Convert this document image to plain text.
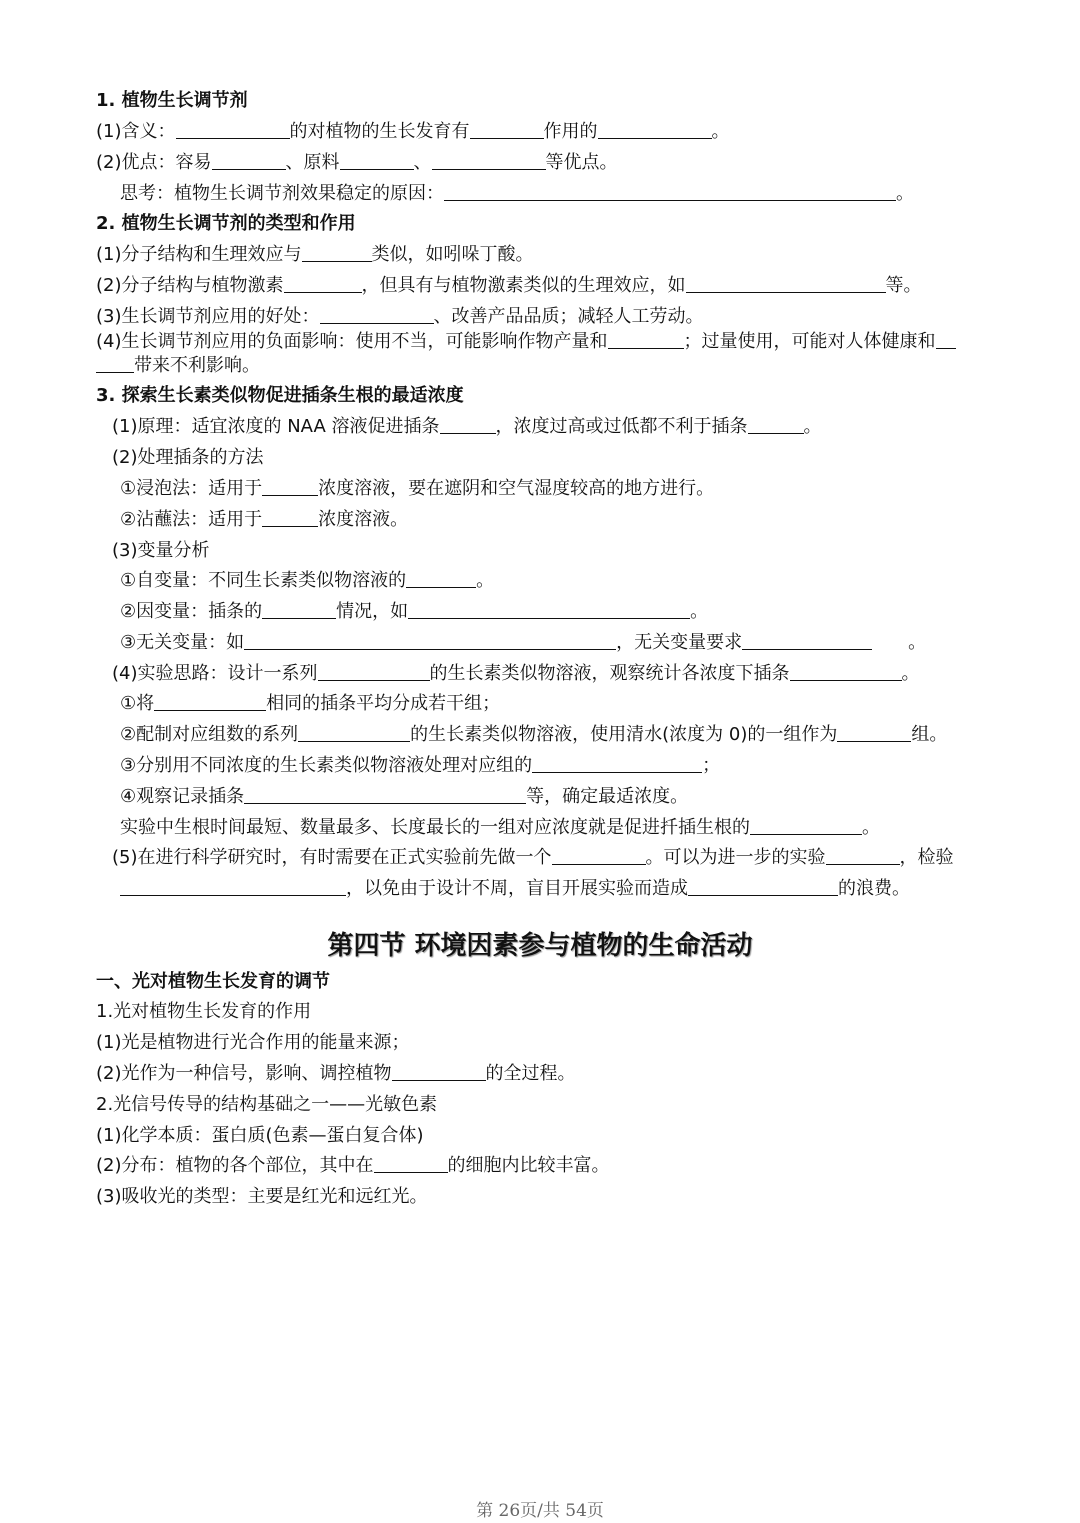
1. 植物生长调节剂
(1)含义：	的对植物的生长发育有	作用的	。
(2)优点：容易	、原料	、	等优点。
思考：植物生长调节剂效果稳定的原因：	。
2. 植物生长调节剂的类型和作用
(1)分子结构和生理效应与	类似，如吲哚丁酸。
(2)分子结构与植物激素	，但具有与植物激素类似的生理效应，如	等。
(3)生长调节剂应用的好处：	、改善产品品质；减轻人工劳动。
(4)生长调节剂应用的负面影响：使用不当，可能影响作物产量和	；过量使用，可能对人体健康和
带来不利影响。
3. 探索生长素类似物促进插条生根的最适浓度
(1)原理：适宜浓度的 NAA 溶液促进插条	，浓度过高或过低都不利于插条	。
(2)处理插条的方法
①浸泡法：适用于	浓度溶液，要在遮阴和空气湿度较高的地方进行。
②沾蘸法：适用于	浓度溶液。
(3)变量分析
①自变量：不同生长素类似物溶液的	。
②因变量：插条的	情况，如	。
③无关变量：如	，无关变量要求	。
(4)实验思路：设计一系列	的生长素类似物溶液，观察统计各浓度下插条	。
①将	相同的插条平均分成若干组；
②配制对应组数的系列	的生长素类似物溶液，使用清水(浓度为 0)的一组作为	组。
③分别用不同浓度的生长素类似物溶液处理对应组的	；
④观察记录插条	等，确定最适浓度。
实验中生根时间最短、数量最多、长度最长的一组对应浓度就是促进扦插生根的	。
(5)在进行科学研究时，有时需要在正式实验前先做一个	。可以为进一步的实验	，检验
，以免由于设计不周，盲目开展实验而造成	的浪费。
第四节 环境因素参与植物的生命活动
一、光对植物生长发育的调节
1.光对植物生长发育的作用
(1)光是植物进行光合作用的能量来源；
(2)光作为一种信号，影响、调控植物	的全过程。
2.光信号传导的结构基础之一——光敏色素
(1)化学本质：蛋白质(色素—蛋白复合体)
(2)分布：植物的各个部位，其中在	的细胞内比较丰富。
(3)吸收光的类型：主要是红光和远红光。
第 26页/共 54页
